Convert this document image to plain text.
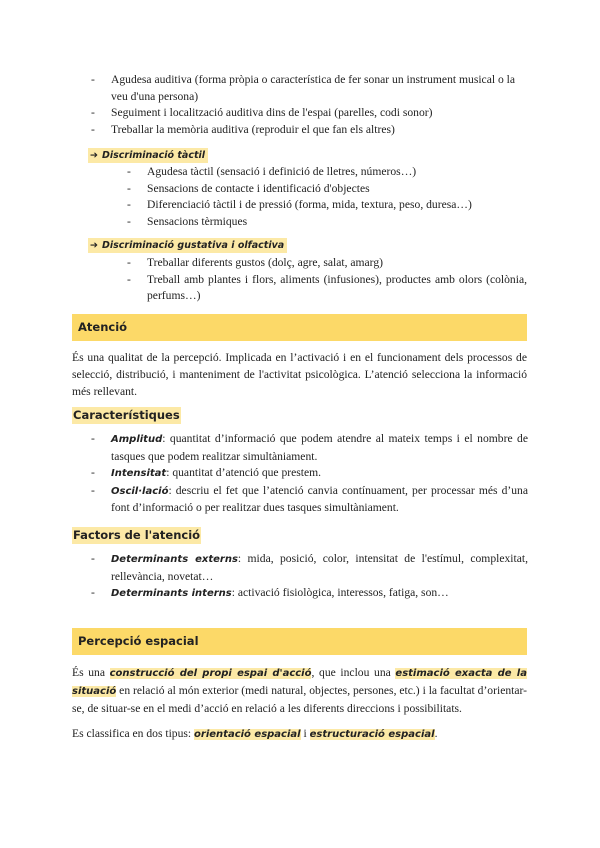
- Agudesa auditiva (forma pròpia o característica de fer sonar un instrument musical o la veu d'una persona)
- Seguiment i localització auditiva dins de l'espai (parelles, codi sonor)
- Treballar la memòria auditiva (reproduir el que fan els altres)
➔ Discriminació tàctil
- Agudesa tàctil (sensació i definició de lletres, números…)
- Sensacions de contacte i identificació d'objectes
- Diferenciació tàctil i de pressió (forma, mida, textura, peso, duresa…)
- Sensacions tèrmiques
➔ Discriminació gustativa i olfactiva
- Treballar diferents gustos (dolç, agre, salat, amarg)
- Treball amb plantes i flors, aliments (infusiones), productes amb olors (colònia, perfums…)
Atenció

És una qualitat de la percepció. Implicada en l’activació i en el funcionament dels processos de selecció, distribució, i manteniment de l'activitat psicològica. L’atenció selecciona la informació més rellevant.

Característiques
- Amplitud: quantitat d’informació que podem atendre al mateix temps i el nombre de tasques que podem realitzar simultàniament.
- Intensitat: quantitat d’atenció que prestem.
- Oscil·lació: descriu el fet que l’atenció canvia contínuament, per processar més d’una font d’informació o per realitzar dues tasques simultàniament.
Factors de l'atenció
- Determinants externs: mida, posició, color, intensitat de l'estímul, complexitat, rellevància, novetat…
- Determinants interns: activació fisiològica, interessos, fatiga, son…
Percepció espacial

És una construcció del propi espai d'acció, que inclou una estimació exacta de la situació en relació al món exterior (medi natural, objectes, persones, etc.) i la facultat d’orientar-se, de situar-se en el medi d’acció en relació a les diferents direccions i possibilitats.

Es classifica en dos tipus: orientació espacial i estructuració espacial.
